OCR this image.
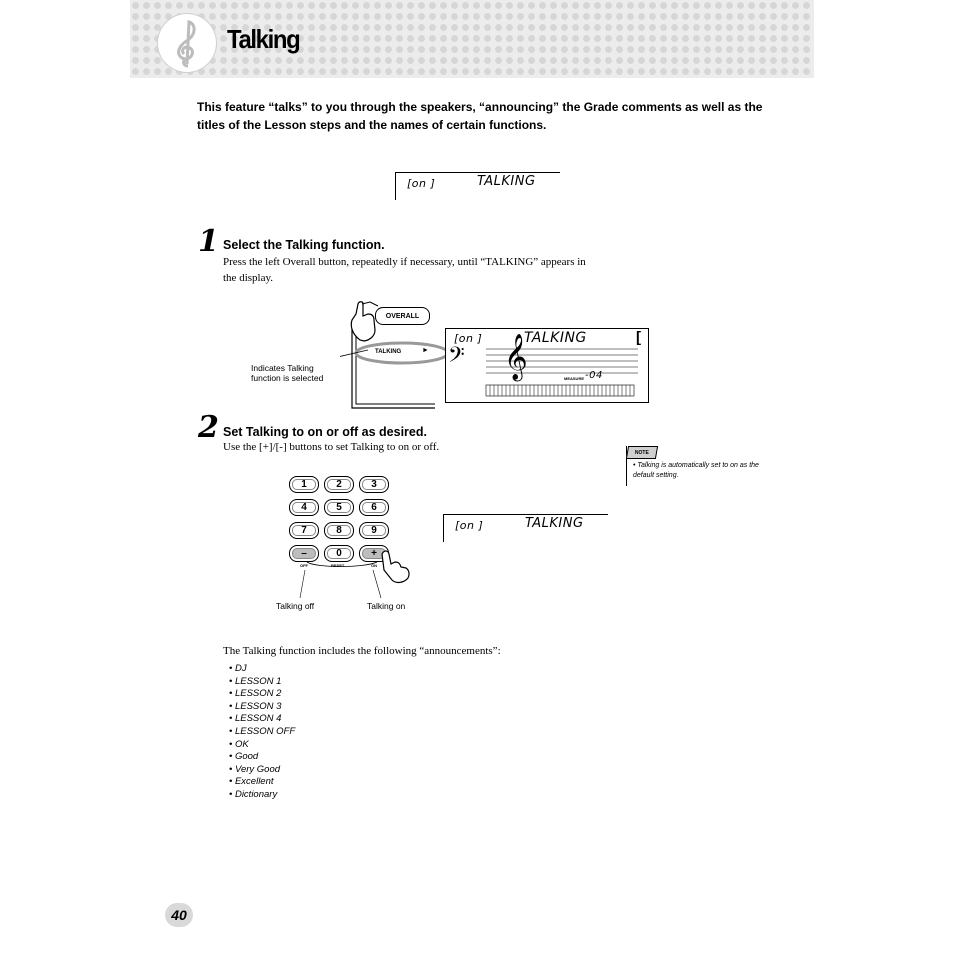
Talking
This feature “talks” to you through the speakers, “announcing” the Grade comments as well as the titles of the Lesson steps and the names of certain functions.
[on ]	TALKING
1 Select the Talking function.
Press the left Overall button, repeatedly if necessary, until “TALKING” appears in the display.
OVERALL
TALKING	►
Indicates Talking function is selected
[on ]	TALKING	[
𝄢 𝄞	MEASURE -04
2 Set Talking to on or off as desired.
Use the [+]/[-] buttons to set Talking to on or off.
1	2	3
4	5	6
7	8	9
–	0	+
OFF	RESET	ON
Talking off	Talking on
[on ]	TALKING
NOTE
• Talking is automatically set to on as the default setting.
The Talking function includes the following “announcements”:
• DJ
• LESSON 1
• LESSON 2
• LESSON 3
• LESSON 4
• LESSON OFF
• OK
• Good
• Very Good
• Excellent
• Dictionary
40
